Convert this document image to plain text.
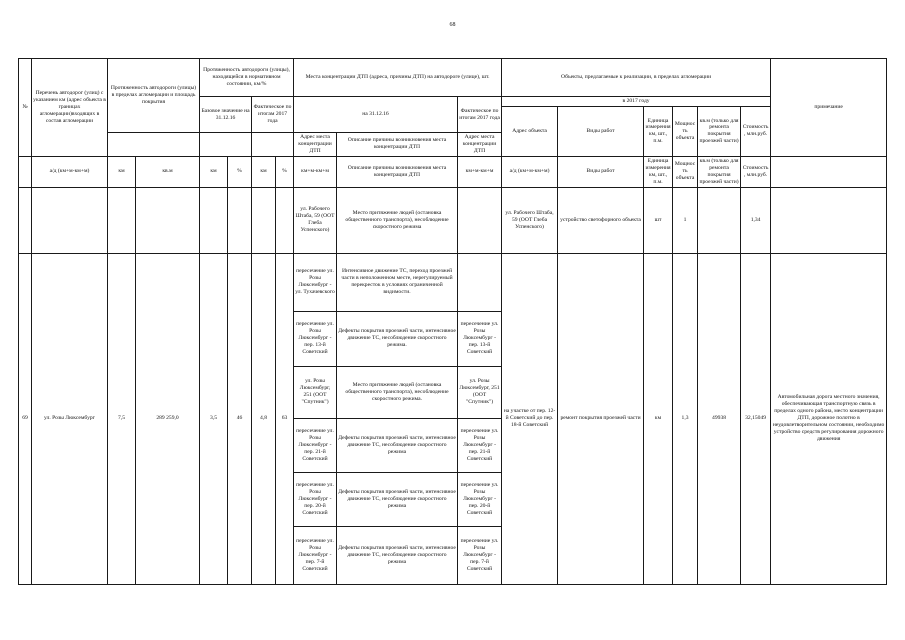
68
№	Перечень автодорог (улиц) с указанием км (адрес объекта в границах агломерации)входящих в состав агломерации	Протяженность автодороги (улицы) в пределах агломерации и площадь покрытия		Протяженность автодороги (улицы), находящейся в нормативном состоянии, км/%				Места концентрации ДТП (адреса, причины ДТП) на автодороге (улице), шт.			Объекты, предлагаемые к реализации, в пределах агломерации						примечание
				Базовое значение на 31.12.16		Фактическое по итогам 2017 года		на 31.12.16		Фактическое по итогам 2017 года	в 2017 году						
											Адрес объекта	Виды работ	Единица измерения км, шт., п.м.	Мощность объекта	кв.м (только для ремонта покрытия проезжей части)	Стоимость, млн.руб.	
								Адрес места концентрации ДТП	Описание причины возникновения места концентрации ДТП	Адрес места концентрации ДТП							
	а/д (км+м-км+м)	км	кв.м	км	%	км	%	км+м-км+м	Описание причины возникновения места концентрации ДТП	км+м-км+м	а/д (км+м-км+м)	Виды работ	Единица измерения км, шт., п.м.	Мощность объекта	кв.м (только для ремонта покрытия проезжей части)	Стоимость, млн.руб.	
								ул. Рабочего Штаба, 59 (ООТ Глеба Успенского)	Место притяжение людей (остановка общественного транспорта), несоблюдение скоростного режима		ул. Рабочего Штаба, 59 (ООТ Глеба Успенского)	устройство светофорного объекта	шт	1		1,34	
69	ул. Розы Люксембург	7,5	289 259,0	3,5	46	4,8	63	пересечение ул. Розы Люксембург - ул. Тухачевского	Интенсивное движение ТС, переход проезжей части в неположенном месте, нерегулируемый перекресток в условиях ограниченной видимости.		на участке от пер. 12-й Советский до пер. 18-й Советский	ремонт покрытия проезжей части	км	1,3	49938	32,15049	Автомобильная дорога местного значения, обеспечивающая транспортную связь в пределах одного района, место концентрации ДТП, дорожное полотно в неудовлетворительном состоянии, необходимо устройство средств регулирования дорожного движения
								пересечение ул. Розы Люксембург - пер. 13-й Советский	Дефекты покрытия проезжей части, интенсивное движение ТС, несоблюдение скоростного режима.	пересечение ул. Розы Люксембург - пер. 13-й Советский							
								ул. Розы Люксембург, 251 (ООТ "Спутник")	Место притяжение людей (остановка общественного транспорта), несоблюдение скоростного режима.	ул. Розы Люксембург, 251 (ООТ "Спутник")							
								пересечение ул. Розы Люксембург - пер. 21-й Советский	Дефекты покрытия проезжей части, интенсивное движение ТС, несоблюдение скоростного режима	пересечение ул. Розы Люксембург - пер. 21-й Советский							
								пересечение ул. Розы Люксембург - пер. 20-й Советский	Дефекты покрытия проезжей части, интенсивное движение ТС, несоблюдение скоростного режима	пересечение ул. Розы Люксембург - пер. 20-й Советский							
								пересечение ул. Розы Люксембург - пер. 7-й Советский	Дефекты покрытия проезжей части, интенсивное движение ТС, несоблюдение скоростного режима	пересечение ул. Розы Люксембург - пер. 7-й Советский							
